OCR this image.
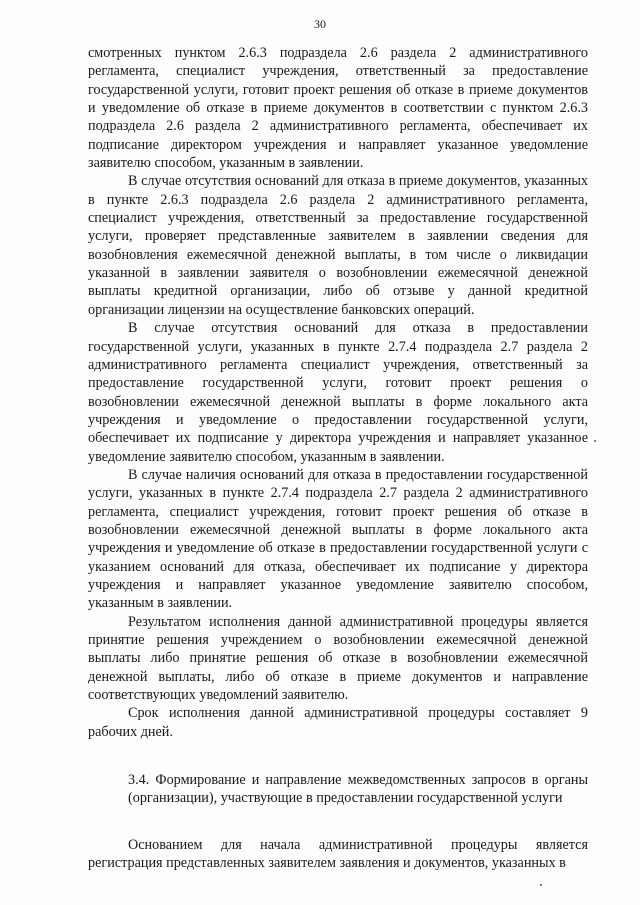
30

смотренных пунктом 2.6.3 подраздела 2.6 раздела 2 административного регламента, специалист учреждения, ответственный за предоставление государственной услуги, готовит проект решения об отказе в приеме документов и уведомление об отказе в приеме документов в соответствии с пунктом 2.6.3 подраздела 2.6 раздела 2 административного регламента, обеспечивает их подписание директором учреждения и направляет указанное уведомление заявителю способом, указанным в заявлении.

В случае отсутствия оснований для отказа в приеме документов, указанных в пункте 2.6.3 подраздела 2.6 раздела 2 административного регламента, специалист учреждения, ответственный за предоставление государственной услуги, проверяет представленные заявителем в заявлении сведения для возобновления ежемесячной денежной выплаты, в том числе о ликвидации указанной в заявлении заявителя о возобновлении ежемесячной денежной выплаты кредитной организации, либо об отзыве у данной кредитной организации лицензии на осуществление банковских операций.

В случае отсутствия оснований для отказа в предоставлении государственной услуги, указанных в пункте 2.7.4 подраздела 2.7 раздела 2 административного регламента специалист учреждения, ответственный за предоставление государственной услуги, готовит проект решения о возобновлении ежемесячной денежной выплаты в форме локального акта учреждения и уведомление о предоставлении государственной услуги, обеспечивает их подписание у директора учреждения и направляет указанное уведомление заявителю способом, указанным в заявлении.

В случае наличия оснований для отказа в предоставлении государственной услуги, указанных в пункте 2.7.4 подраздела 2.7 раздела 2 административного регламента, специалист учреждения, готовит проект решения об отказе в возобновлении ежемесячной денежной выплаты в форме локального акта учреждения и уведомление об отказе в предоставлении государственной услуги с указанием оснований для отказа, обеспечивает их подписание у директора учреждения и направляет указанное уведомление заявителю способом, указанным в заявлении.

Результатом исполнения данной административной процедуры является принятие решения учреждением о возобновлении ежемесячной денежной выплаты либо принятие решения об отказе в возобновлении ежемесячной денежной выплаты, либо об отказе в приеме документов и направление соответствующих уведомлений заявителю.

Срок исполнения данной административной процедуры составляет 9 рабочих дней.

3.4. Формирование и направление межведомственных запросов в органы (организации), участвующие в предоставлении государственной услуги

Основанием для начала административной процедуры является регистрация представленных заявителем заявления и документов, указанных в
